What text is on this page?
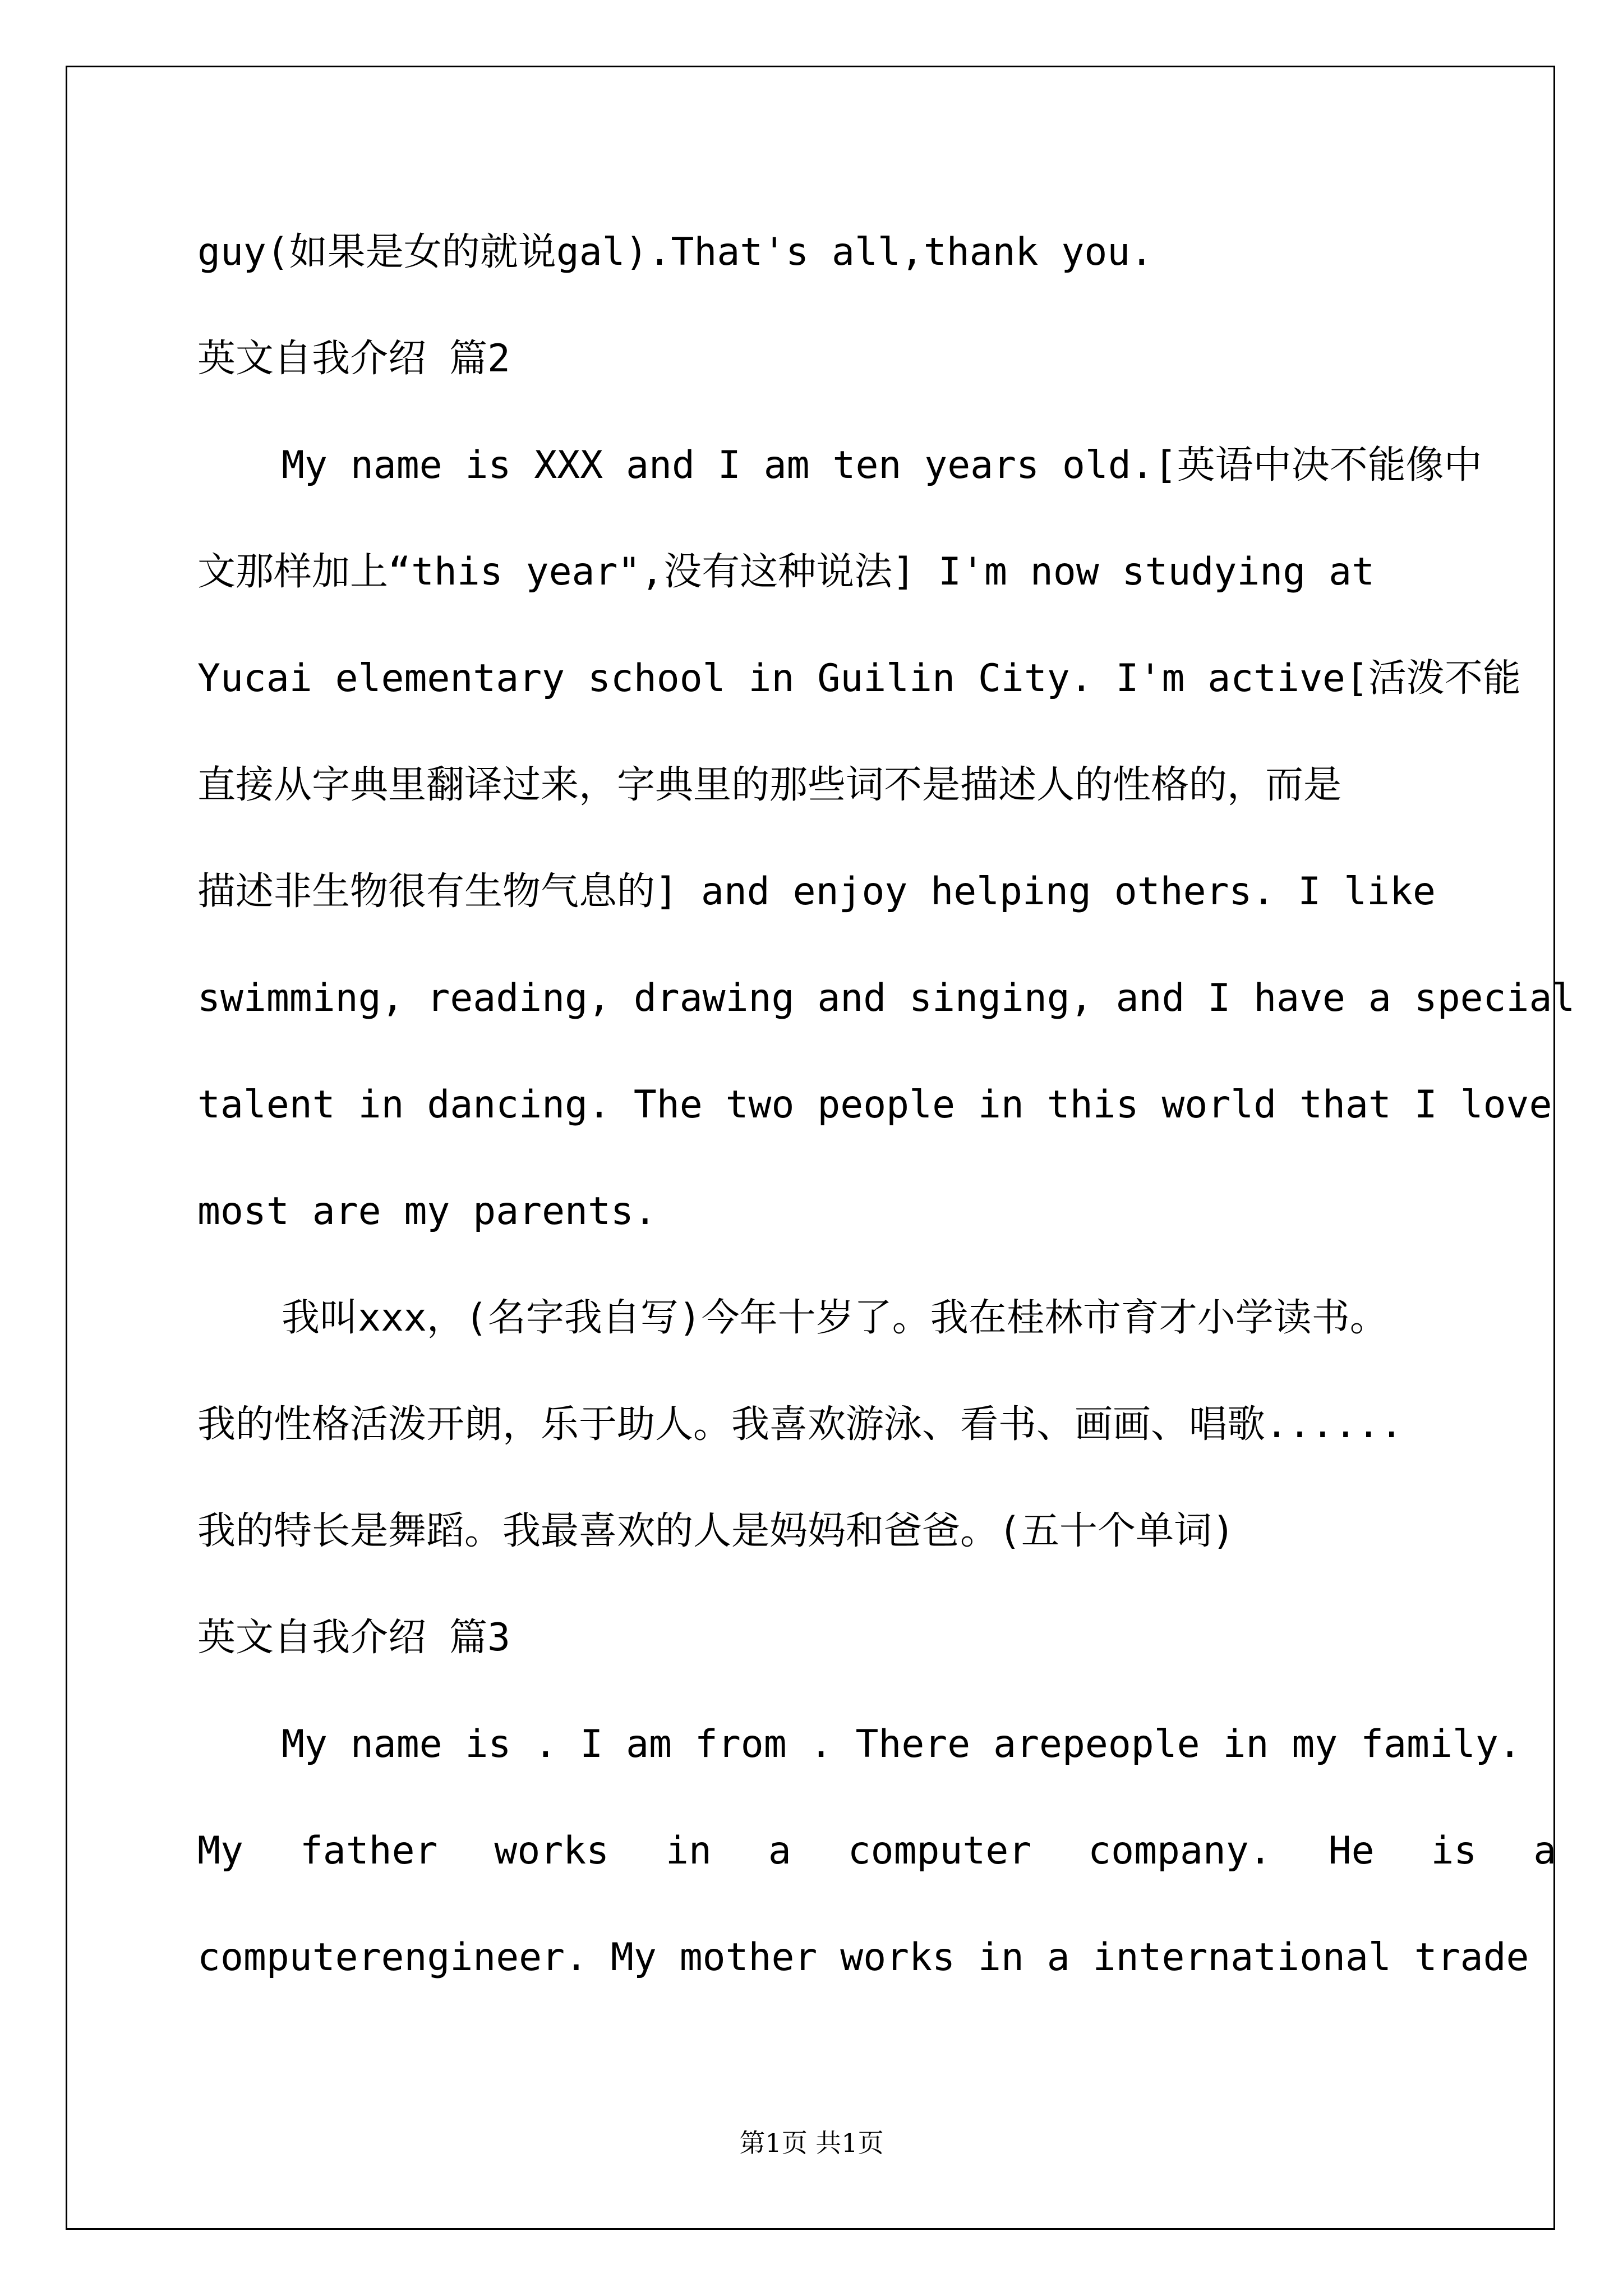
guy(如果是女的就说gal).That's all,thank you.
英文自我介绍 篇2
My name is XXX and I am ten years old.[英语中决不能像中
文那样加上“this year",没有这种说法] I'm now studying at
Yucai elementary school in Guilin City. I'm active[活泼不能
直接从字典里翻译过来，字典里的那些词不是描述人的性格的，而是
描述非生物很有生物气息的] and enjoy helping others. I like
swimming, reading, drawing and singing, and I have a special
talent in dancing. The two people in this world that I love
most are my parents.
我叫xxx，(名字我自写)今年十岁了。我在桂林市育才小学读书。
我的性格活泼开朗，乐于助人。我喜欢游泳、看书、画画、唱歌......
我的特长是舞蹈。我最喜欢的人是妈妈和爸爸。(五十个单词)
英文自我介绍 篇3
My name is . I am from . There arepeople in my family.
My father works in a computer company. He is a
computerengineer. My mother works in a international trade
第1页 共1页
